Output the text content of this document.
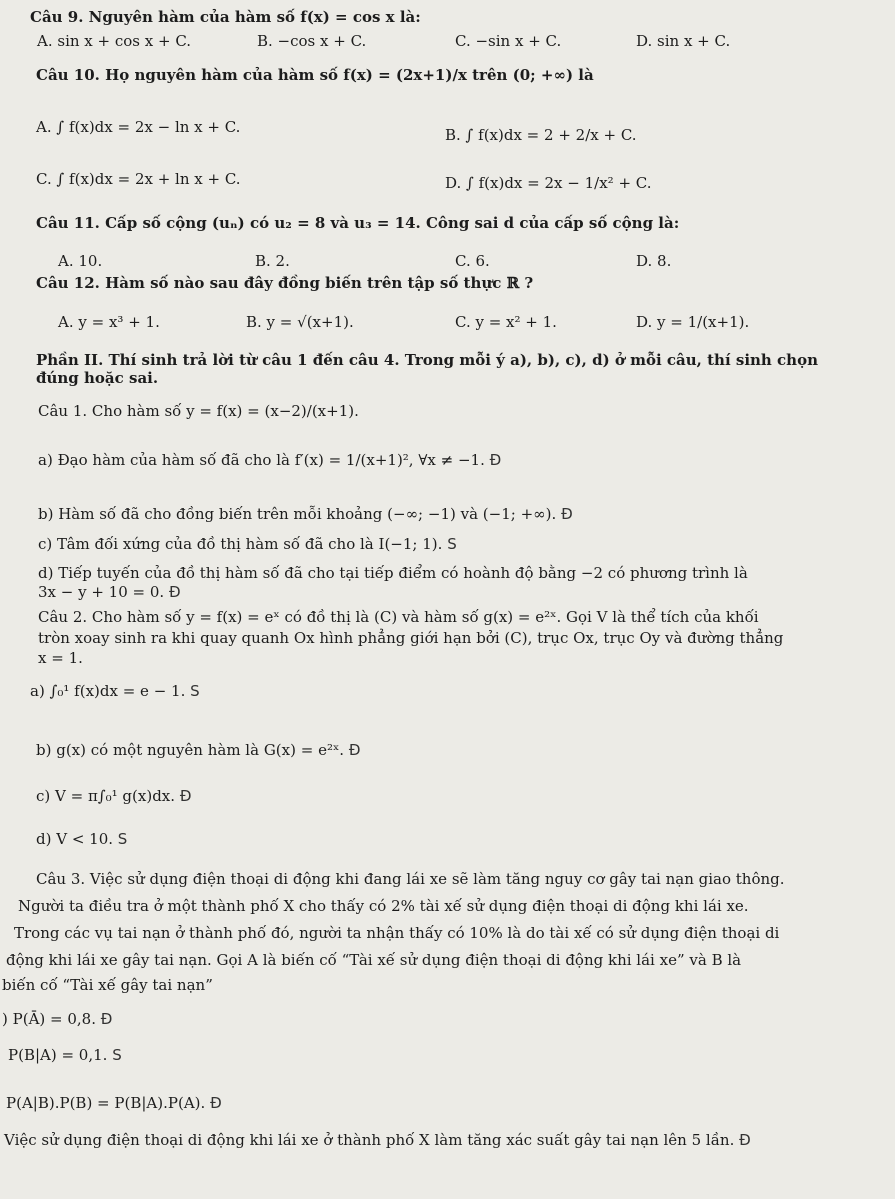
Câu 9. Nguyên hàm của hàm số f(x) = cos x là:
A. sin x + cos x + C.	B. −cos x + C.	C. −sin x + C.	D. sin x + C.
Câu 10. Họ nguyên hàm của hàm số f(x) = (2x+1)/x trên (0; +∞) là
A. ∫ f(x)dx = 2x − ln x + C.	B. ∫ f(x)dx = 2 + 2/x + C.
C. ∫ f(x)dx = 2x + ln x + C.	D. ∫ f(x)dx = 2x − 1/x² + C.
Câu 11. Cấp số cộng (uₙ) có u₂ = 8 và u₃ = 14. Công sai d của cấp số cộng là:
A. 10.	B. 2.	C. 6.	D. 8.
Câu 12. Hàm số nào sau đây đồng biến trên tập số thực ℝ ?
A. y = x³ + 1.	B. y = √(x+1).	C. y = x² + 1.	D. y = 1/(x+1).
Phần II. Thí sinh trả lời từ câu 1 đến câu 4. Trong mỗi ý a), b), c), d) ở mỗi câu, thí sinh chọn
đúng hoặc sai.
Câu 1. Cho hàm số y = f(x) = (x−2)/(x+1).
a) Đạo hàm của hàm số đã cho là f′(x) = 1/(x+1)², ∀x ≠ −1. Đ
b) Hàm số đã cho đồng biến trên mỗi khoảng (−∞; −1) và (−1; +∞). Đ
c) Tâm đối xứng của đồ thị hàm số đã cho là I(−1; 1). S
d) Tiếp tuyến của đồ thị hàm số đã cho tại tiếp điểm có hoành độ bằng −2 có phương trình là
3x − y + 10 = 0. Đ
Câu 2. Cho hàm số y = f(x) = eˣ có đồ thị là (C) và hàm số g(x) = e²ˣ. Gọi V là thể tích của khối
tròn xoay sinh ra khi quay quanh Ox hình phẳng giới hạn bởi (C), trục Ox, trục Oy và đường thẳng
x = 1.
a) ∫₀¹ f(x)dx = e − 1. S
b) g(x) có một nguyên hàm là G(x) = e²ˣ. Đ
c) V = π∫₀¹ g(x)dx. Đ
d) V < 10. S
Câu 3. Việc sử dụng điện thoại di động khi đang lái xe sẽ làm tăng nguy cơ gây tai nạn giao thông.
Người ta điều tra ở một thành phố X cho thấy có 2% tài xế sử dụng điện thoại di động khi lái xe.
Trong các vụ tai nạn ở thành phố đó, người ta nhận thấy có 10% là do tài xế có sử dụng điện thoại di
động khi lái xe gây tai nạn. Gọi A là biến cố “Tài xế sử dụng điện thoại di động khi lái xe” và B là
biến cố “Tài xế gây tai nạn”
) P(Ā) = 0,8. Đ
P(B|A) = 0,1. S
P(A|B).P(B) = P(B|A).P(A). Đ
Việc sử dụng điện thoại di động khi lái xe ở thành phố X làm tăng xác suất gây tai nạn lên 5 lần. Đ
